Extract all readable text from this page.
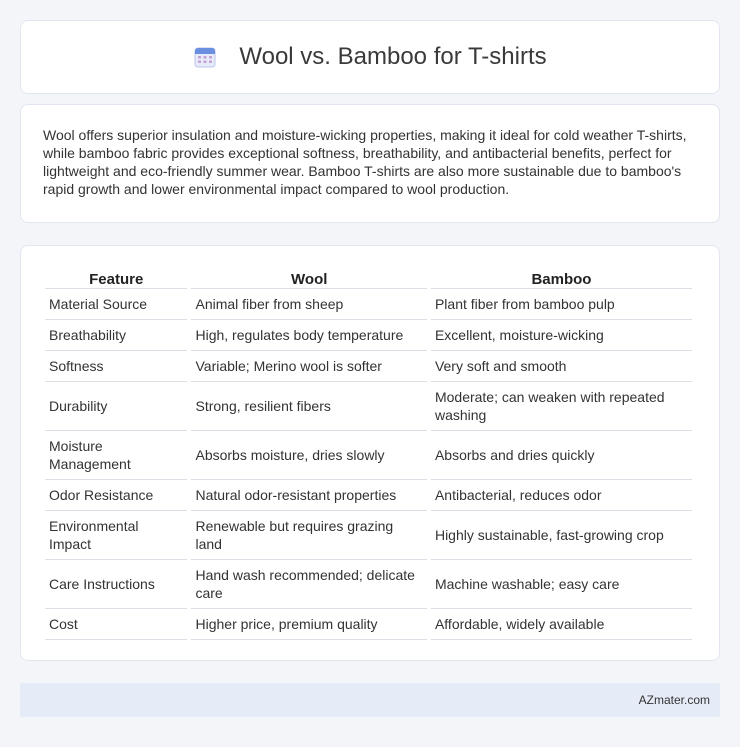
Wool vs. Bamboo for T-shirts

Wool offers superior insulation and moisture-wicking properties, making it ideal for cold weather T-shirts, while bamboo fabric provides exceptional softness, breathability, and antibacterial benefits, perfect for lightweight and eco-friendly summer wear. Bamboo T-shirts are also more sustainable due to bamboo's rapid growth and lower environmental impact compared to wool production.

Feature	Wool	Bamboo
Material Source	Animal fiber from sheep	Plant fiber from bamboo pulp
Breathability	High, regulates body temperature	Excellent, moisture-wicking
Softness	Variable; Merino wool is softer	Very soft and smooth
Durability	Strong, resilient fibers	Moderate; can weaken with repeated washing
Moisture Management	Absorbs moisture, dries slowly	Absorbs and dries quickly
Odor Resistance	Natural odor-resistant properties	Antibacterial, reduces odor
Environmental Impact	Renewable but requires grazing land	Highly sustainable, fast-growing crop
Care Instructions	Hand wash recommended; delicate care	Machine washable; easy care
Cost	Higher price, premium quality	Affordable, widely available
AZmater.com
